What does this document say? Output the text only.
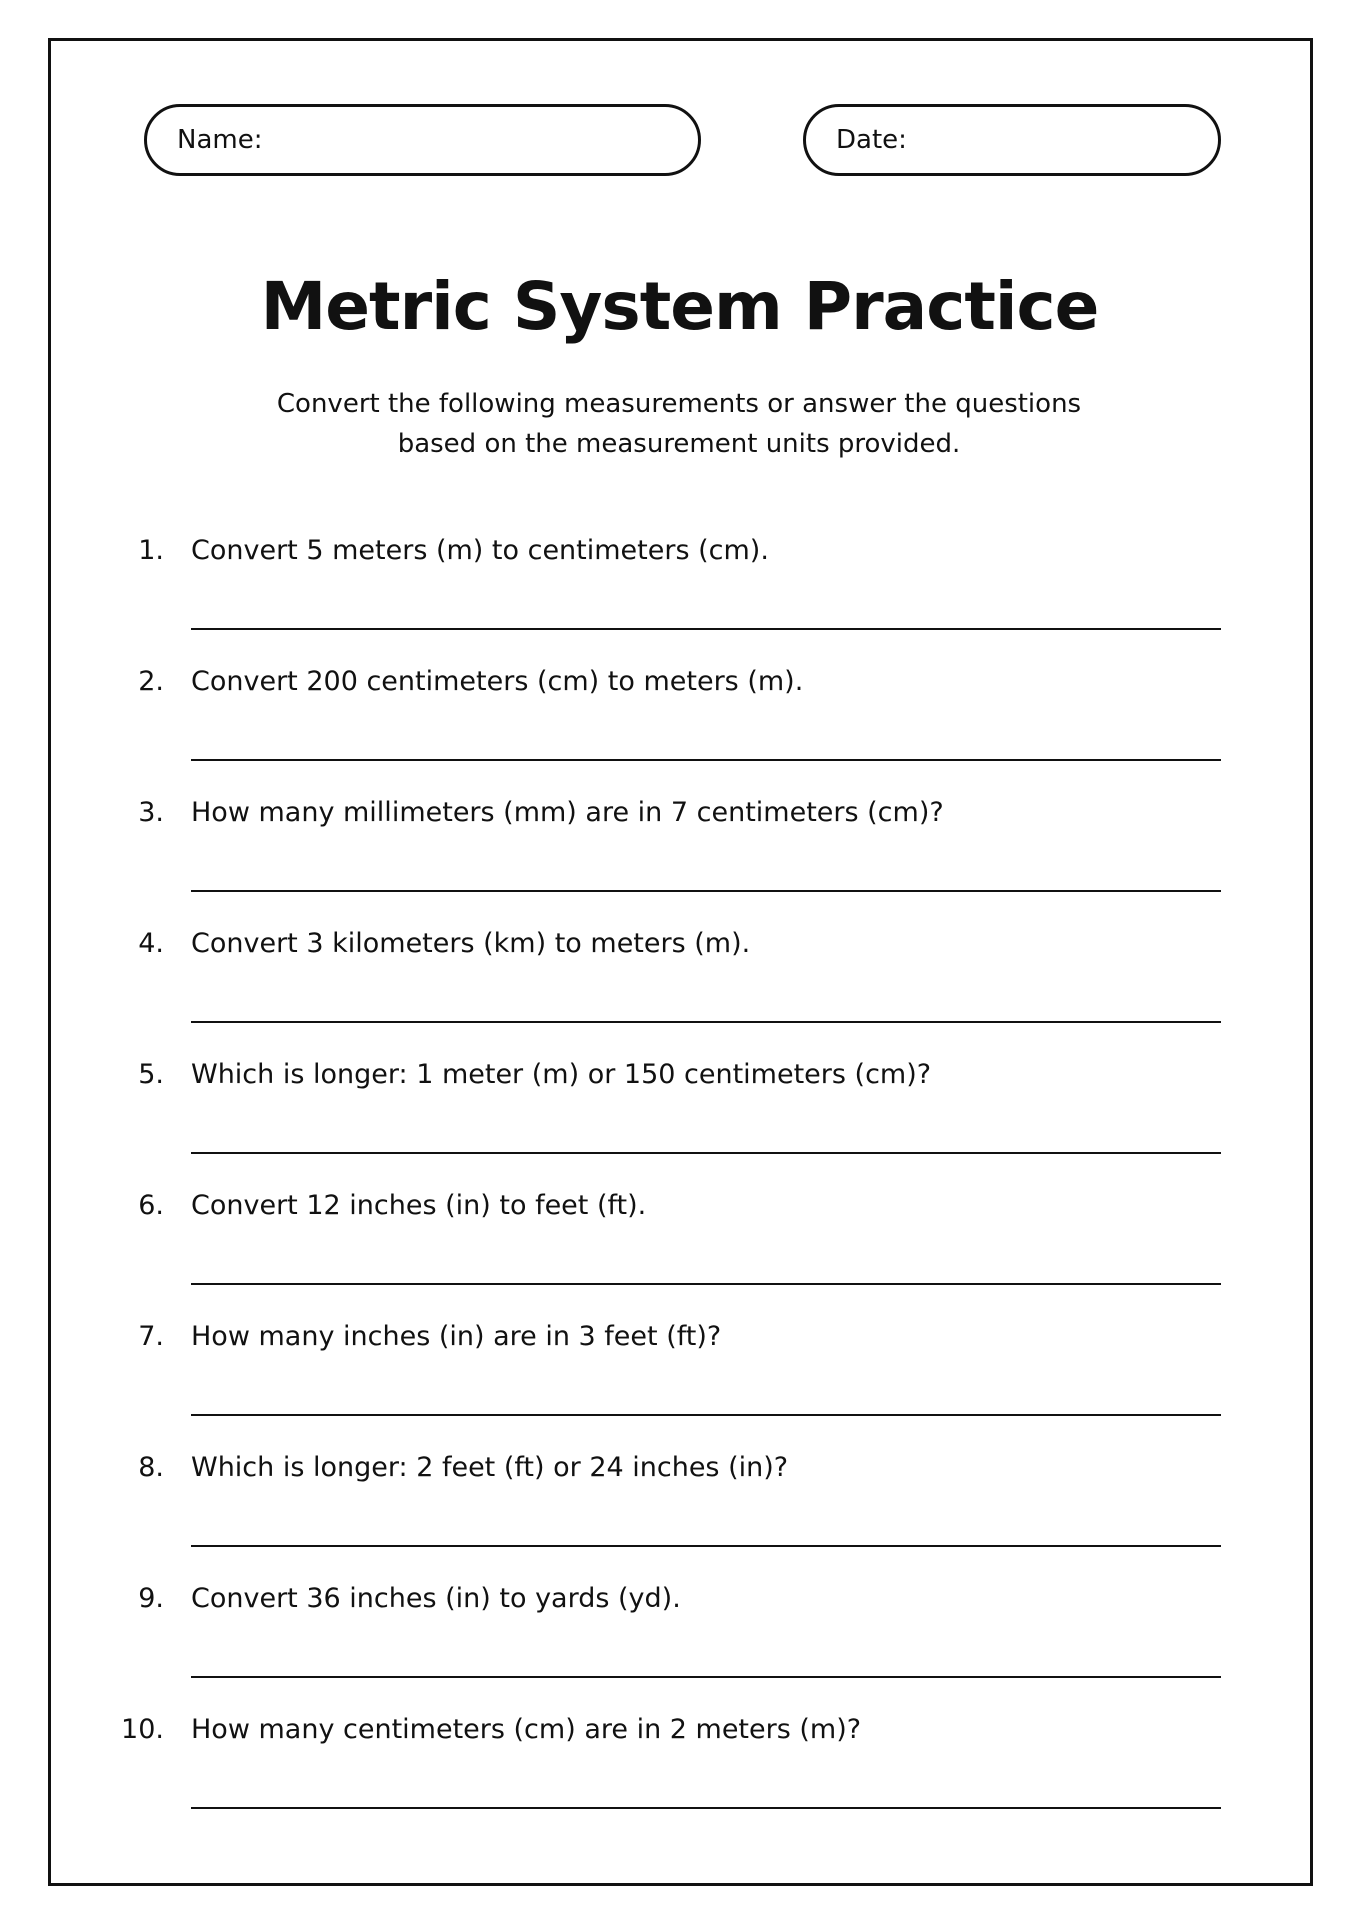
Name:	Date:
Metric System Practice
Convert the following measurements or answer the questions
based on the measurement units provided.
1. Convert 5 meters (m) to centimeters (cm).
2. Convert 200 centimeters (cm) to meters (m).
3. How many millimeters (mm) are in 7 centimeters (cm)?
4. Convert 3 kilometers (km) to meters (m).
5. Which is longer: 1 meter (m) or 150 centimeters (cm)?
6. Convert 12 inches (in) to feet (ft).
7. How many inches (in) are in 3 feet (ft)?
8. Which is longer: 2 feet (ft) or 24 inches (in)?
9. Convert 36 inches (in) to yards (yd).
10. How many centimeters (cm) are in 2 meters (m)?
